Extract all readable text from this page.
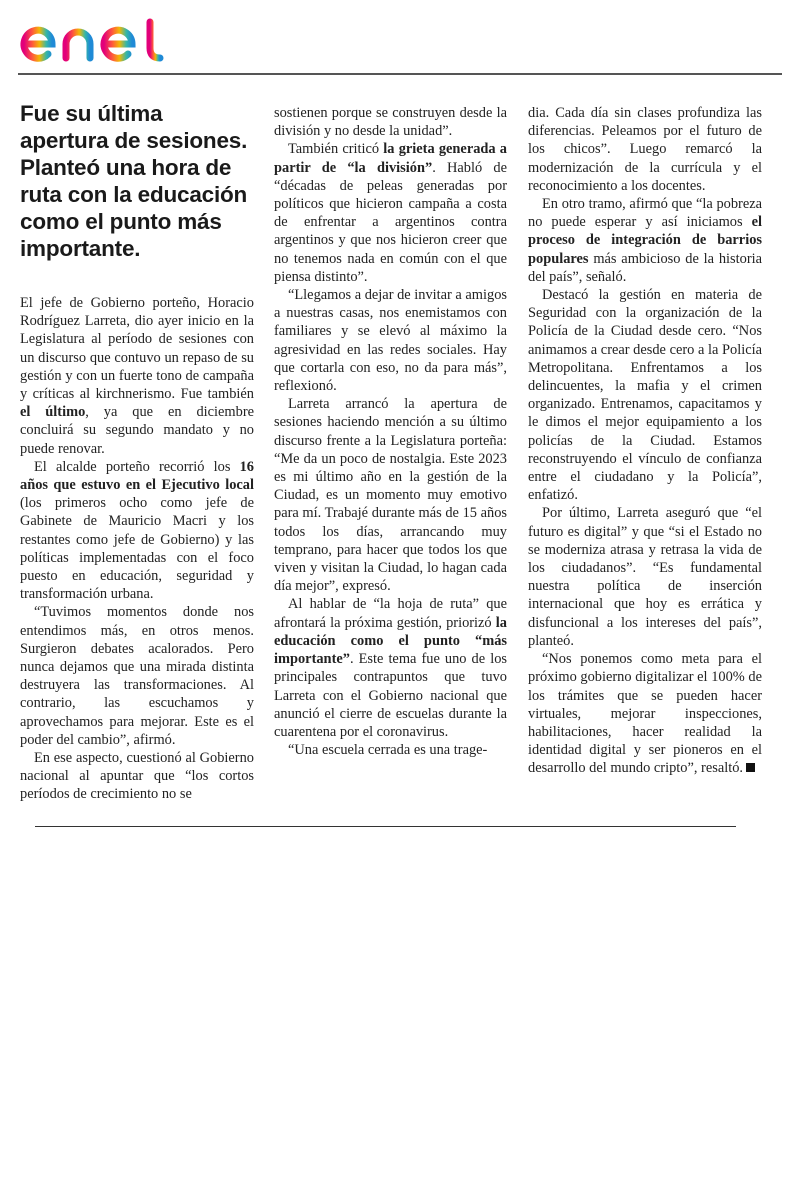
Fue su última apertura de sesiones. Planteó una hora de ruta con la educación como el punto más importante.

El jefe de Gobierno porteño, Horacio Rodríguez Larreta, dio ayer inicio en la Legislatura al período de sesiones con un discurso que contuvo un repaso de su gestión y con un fuerte tono de campaña y críticas al kirchnerismo. Fue también el último, ya que en diciembre concluirá su segundo mandato y no puede renovar.

El alcalde porteño recorrió los 16 años que estuvo en el Ejecutivo local (los primeros ocho como jefe de Gabinete de Mauricio Macri y los restantes como jefe de Gobierno) y las políticas implementadas con el foco puesto en educación, seguridad y transformación urbana.

“Tuvimos momentos donde nos entendimos más, en otros menos. Surgieron debates acalorados. Pero nunca dejamos que una mirada distinta destruyera las transformaciones. Al contrario, las escuchamos y aprovechamos para mejorar. Este es el poder del cambio”, afirmó.

En ese aspecto, cuestionó al Gobierno nacional al apuntar que “los cortos períodos de crecimiento no se

sostienen porque se construyen desde la división y no desde la unidad”.

También criticó la grieta generada a partir de “la división”. Habló de “décadas de peleas generadas por políticos que hicieron campaña a costa de enfrentar a argentinos contra argentinos y que nos hicieron creer que no tenemos nada en común con el que piensa distinto”.

“Llegamos a dejar de invitar a amigos a nuestras casas, nos enemistamos con familiares y se elevó al máximo la agresividad en las redes sociales. Hay que cortarla con eso, no da para más”, reflexionó.

Larreta arrancó la apertura de sesiones haciendo mención a su último discurso frente a la Legislatura porteña: “Me da un poco de nostalgia. Este 2023 es mi último año en la gestión de la Ciudad, es un momento muy emotivo para mí. Trabajé durante más de 15 años todos los días, arrancando muy temprano, para hacer que todos los que viven y visitan la Ciudad, lo hagan cada día mejor”, expresó.

Al hablar de “la hoja de ruta” que afrontará la próxima gestión, priorizó la educación como el punto “más importante”. Este tema fue uno de los principales contrapuntos que tuvo Larreta con el Gobierno nacional que anunció el cierre de escuelas durante la cuarentena por el coronavirus.

“Una escuela cerrada es una trage-

dia. Cada día sin clases profundiza las diferencias. Peleamos por el futuro de los chicos”. Luego remarcó la modernización de la currícula y el reconocimiento a los docentes.

En otro tramo, afirmó que “la pobreza no puede esperar y así iniciamos el proceso de integración de barrios populares más ambicioso de la historia del país”, señaló.

Destacó la gestión en materia de Seguridad con la organización de la Policía de la Ciudad desde cero. “Nos animamos a crear desde cero a la Policía Metropolitana. Enfrentamos a los delincuentes, la mafia y el crimen organizado. Entrenamos, capacitamos y le dimos el mejor equipamiento a los policías de la Ciudad. Estamos reconstruyendo el vínculo de confianza entre el ciudadano y la Policía”, enfatizó.

Por último, Larreta aseguró que “el futuro es digital” y que “si el Estado no se moderniza atrasa y retrasa la vida de los ciudadanos”. “Es fundamental nuestra política de inserción internacional que hoy es errática y disfuncional a los intereses del país”, planteó.

“Nos ponemos como meta para el próximo gobierno digitalizar el 100% de los trámites que se pueden hacer virtuales, mejorar inspecciones, habilitaciones, hacer realidad la identidad digital y ser pioneros en el desarrollo del mundo cripto”, resaltó.
